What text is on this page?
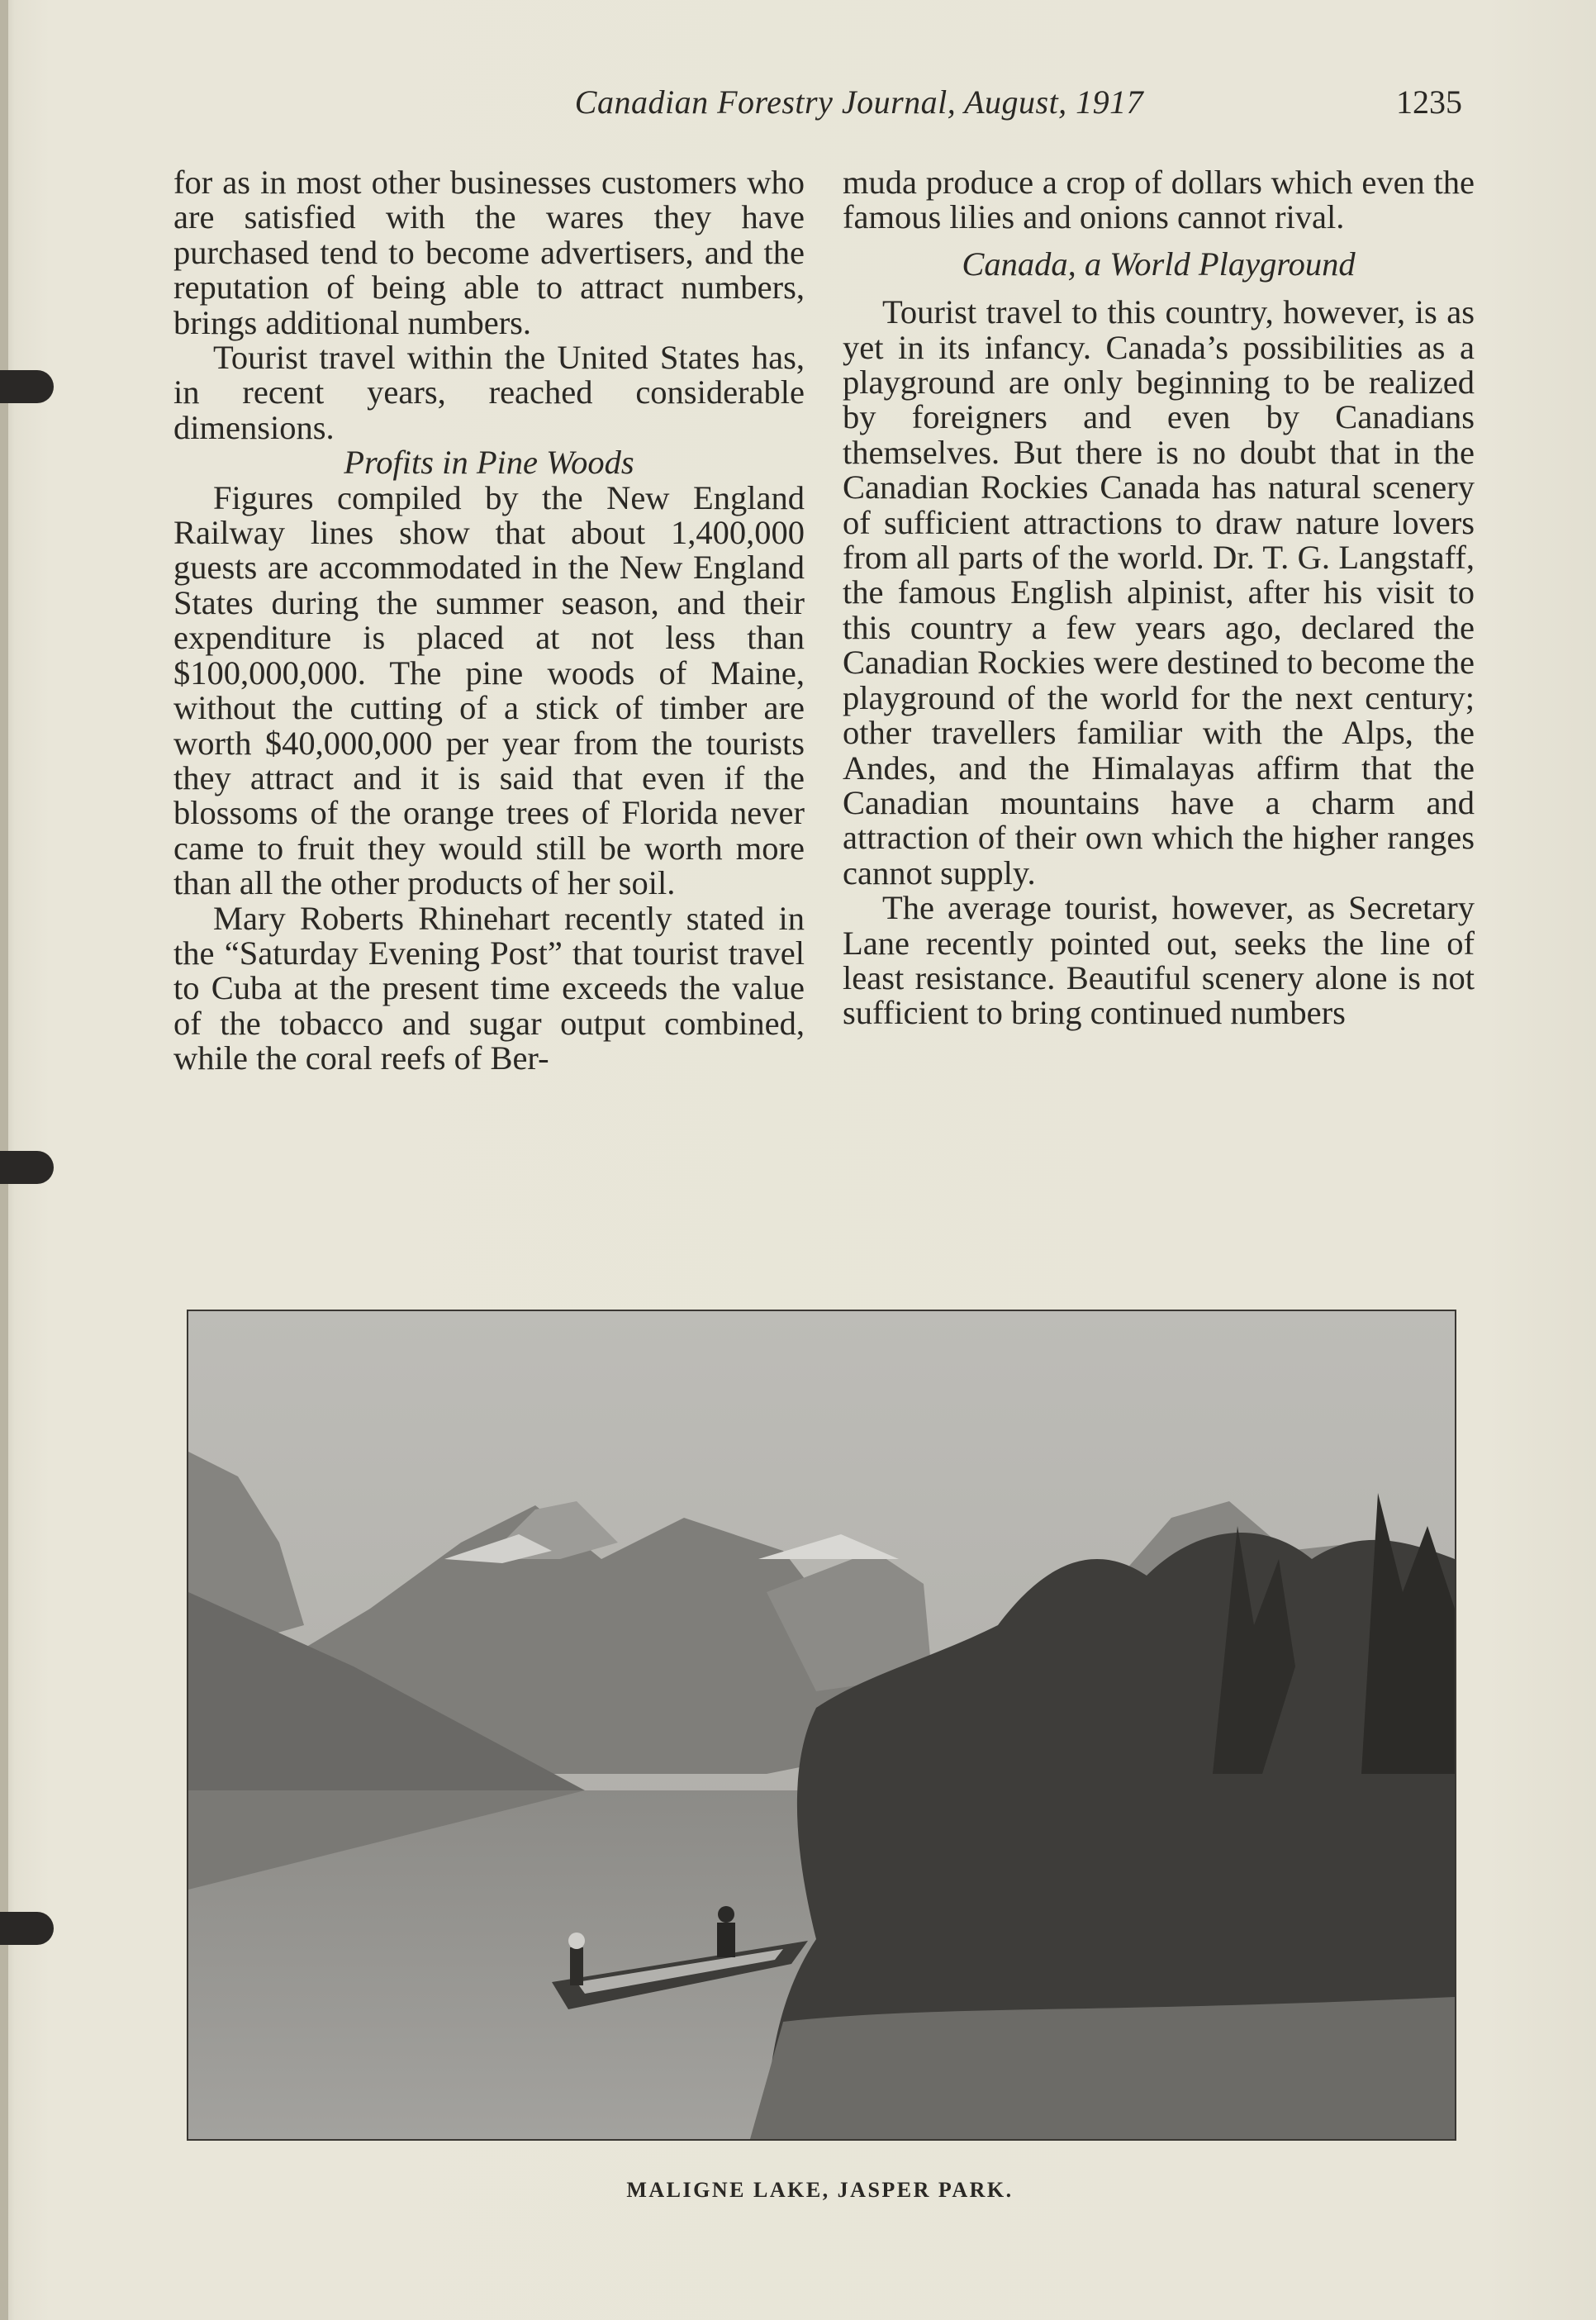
Canadian Forestry Journal, August, 1917	1235

for as in most other businesses customers who are satisfied with the wares they have purchased tend to become advertisers, and the reputation of being able to attract numbers, brings additional numbers.

Tourist travel within the United States has, in recent years, reached considerable dimensions.

Profits in Pine Woods

Figures compiled by the New England Railway lines show that about 1,400,000 guests are accommodated in the New England States during the summer season, and their expenditure is placed at not less than $100,000,000. The pine woods of Maine, without the cutting of a stick of timber are worth $40,000,000 per year from the tourists they attract and it is said that even if the blossoms of the orange trees of Florida never came to fruit they would still be worth more than all the other products of her soil.

Mary Roberts Rhinehart recently stated in the “Saturday Evening Post” that tourist travel to Cuba at the present time exceeds the value of the tobacco and sugar output combined, while the coral reefs of Ber-

muda produce a crop of dollars which even the famous lilies and onions cannot rival.

Canada, a World Playground

Tourist travel to this country, however, is as yet in its infancy. Canada’s possibilities as a playground are only beginning to be realized by foreigners and even by Canadians themselves. But there is no doubt that in the Canadian Rockies Canada has natural scenery of sufficient attractions to draw nature lovers from all parts of the world. Dr. T. G. Langstaff, the famous English alpinist, after his visit to this country a few years ago, declared the Canadian Rockies were destined to become the playground of the world for the next century; other travellers familiar with the Alps, the Andes, and the Himalayas affirm that the Canadian mountains have a charm and attraction of their own which the higher ranges cannot supply.

The average tourist, however, as Secretary Lane recently pointed out, seeks the line of least resistance. Beautiful scenery alone is not sufficient to bring continued numbers

MALIGNE LAKE, JASPER PARK.
